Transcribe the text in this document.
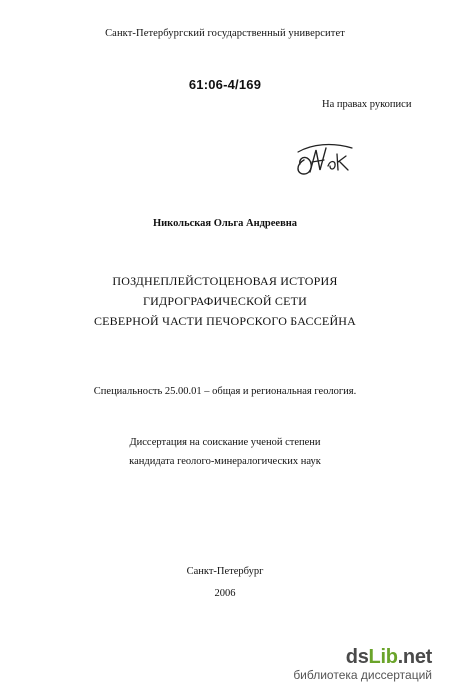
Санкт-Петербургский государственный университет
61:06-4/169
На правах рукописи
Никольская Ольга Андреевна
ПОЗДНЕПЛЕЙСТОЦЕНОВАЯ ИСТОРИЯ
ГИДРОГРАФИЧЕСКОЙ СЕТИ
СЕВЕРНОЙ ЧАСТИ ПЕЧОРСКОГО БАССЕЙНА
Специальность 25.00.01 – общая и региональная геология.
Диссертация на соискание ученой степени
кандидата геолого-минералогических наук
Санкт-Петербург
2006
dsLib.net
библиотека диссертаций
